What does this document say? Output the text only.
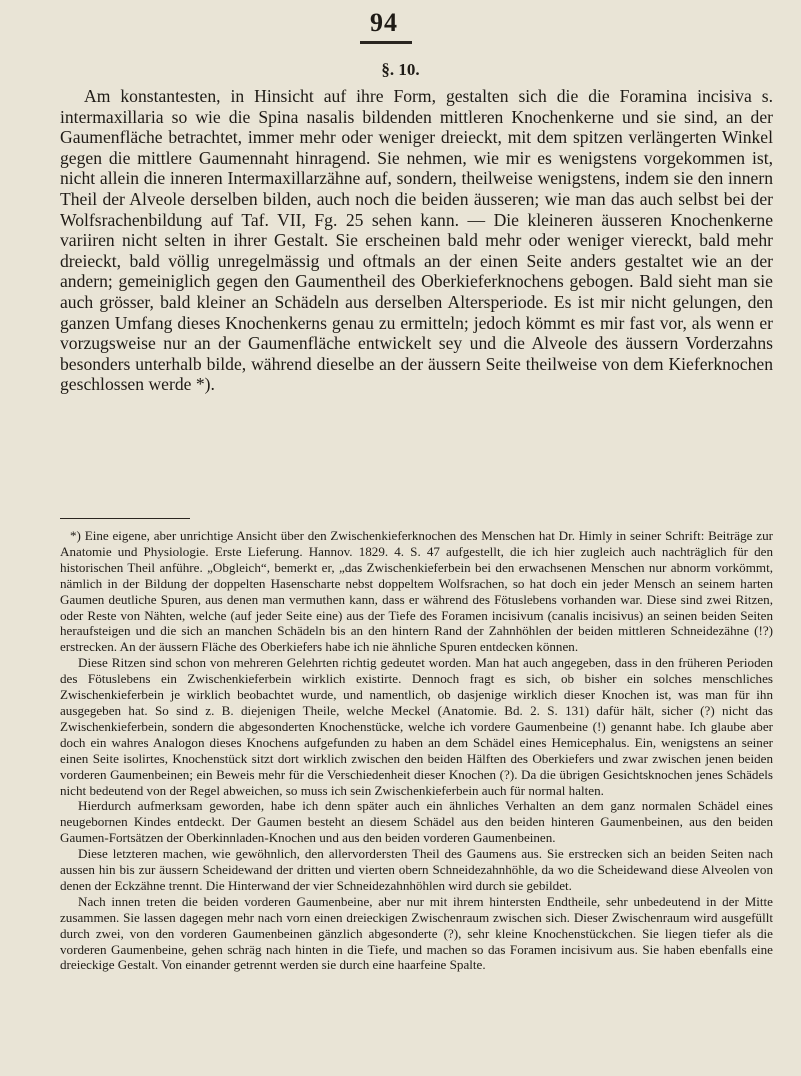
94
§. 10.

Am konstantesten, in Hinsicht auf ihre Form, gestalten sich die die Foramina incisiva s. intermaxillaria so wie die Spina nasalis bildenden mittleren Knochenkerne und sie sind, an der Gaumenfläche betrachtet, immer mehr oder weniger dreieckt, mit dem spitzen verlängerten Winkel gegen die mittlere Gaumennaht hinragend. Sie nehmen, wie mir es wenigstens vorgekommen ist, nicht allein die inneren Intermaxillarzähne auf, sondern, theilweise wenigstens, indem sie den innern Theil der Alveole derselben bilden, auch noch die beiden äusseren; wie man das auch selbst bei der Wolfsrachenbildung auf Taf. VII, Fg. 25 sehen kann. — Die kleineren äusseren Knochenkerne variiren nicht selten in ihrer Gestalt. Sie erscheinen bald mehr oder weniger viereckt, bald mehr dreieckt, bald völlig unregelmässig und oftmals an der einen Seite anders gestaltet wie an der andern; gemeiniglich gegen den Gaumentheil des Oberkieferknochens gebogen. Bald sieht man sie auch grösser, bald kleiner an Schädeln aus derselben Altersperiode. Es ist mir nicht gelungen, den ganzen Umfang dieses Knochenkerns genau zu ermitteln; jedoch kömmt es mir fast vor, als wenn er vorzugsweise nur an der Gaumenfläche entwickelt sey und die Alveole des äussern Vorderzahns besonders unterhalb bilde, während dieselbe an der äussern Seite theilweise von dem Kieferknochen geschlossen werde *).

*) Eine eigene, aber unrichtige Ansicht über den Zwischenkieferknochen des Menschen hat Dr. Himly in seiner Schrift: Beiträge zur Anatomie und Physiologie. Erste Lieferung. Hannov. 1829. 4. S. 47 aufgestellt, die ich hier zugleich auch nachträglich für den historischen Theil anführe. „Obgleich“, bemerkt er, „das Zwischenkieferbein bei den erwachsenen Menschen nur abnorm vorkömmt, nämlich in der Bildung der doppelten Hasenscharte nebst doppeltem Wolfsrachen, so hat doch ein jeder Mensch an seinem harten Gaumen deutliche Spuren, aus denen man vermuthen kann, dass er während des Fötuslebens vorhanden war. Diese sind zwei Ritzen, oder Reste von Nähten, welche (auf jeder Seite eine) aus der Tiefe des Foramen incisivum (canalis incisivus) an seinen beiden Seiten heraufsteigen und die sich an manchen Schädeln bis an den hintern Rand der Zahnhöhlen der beiden mittleren Schneidezähne (!?) erstrecken. An der äussern Fläche des Oberkiefers habe ich nie ähnliche Spuren entdecken können.

Diese Ritzen sind schon von mehreren Gelehrten richtig gedeutet worden. Man hat auch angegeben, dass in den früheren Perioden des Fötuslebens ein Zwischenkieferbein wirklich existirte. Dennoch fragt es sich, ob bisher ein solches menschliches Zwischenkieferbein je wirklich beobachtet wurde, und namentlich, ob dasjenige wirklich dieser Knochen ist, was man für ihn ausgegeben hat. So sind z. B. diejenigen Theile, welche Meckel (Anatomie. Bd. 2. S. 131) dafür hält, sicher (?) nicht das Zwischenkieferbein, sondern die abgesonderten Knochenstücke, welche ich vordere Gaumenbeine (!) genannt habe. Ich glaube aber doch ein wahres Analogon dieses Knochens aufgefunden zu haben an dem Schädel eines Hemicephalus. Ein, wenigstens an seiner einen Seite isolirtes, Knochenstück sitzt dort wirklich zwischen den beiden Hälften des Oberkiefers und zwar zwischen jenen beiden vorderen Gaumenbeinen; ein Beweis mehr für die Verschiedenheit dieser Knochen (?). Da die übrigen Gesichtsknochen jenes Schädels nicht bedeutend von der Regel abweichen, so muss ich sein Zwischenkieferbein auch für normal halten.

Hierdurch aufmerksam geworden, habe ich denn später auch ein ähnliches Verhalten an dem ganz normalen Schädel eines neugebornen Kindes entdeckt. Der Gaumen besteht an diesem Schädel aus den beiden hinteren Gaumenbeinen, aus den beiden Gaumen-Fortsätzen der Oberkinnladen-Knochen und aus den beiden vorderen Gaumenbeinen.

Diese letzteren machen, wie gewöhnlich, den allervordersten Theil des Gaumens aus. Sie erstrecken sich an beiden Seiten nach aussen hin bis zur äussern Scheidewand der dritten und vierten obern Schneidezahnhöhle, da wo die Scheidewand diese Alveolen von denen der Eckzähne trennt. Die Hinterwand der vier Schneidezahnhöhlen wird durch sie gebildet.

Nach innen treten die beiden vorderen Gaumenbeine, aber nur mit ihrem hintersten Endtheile, sehr unbedeutend in der Mitte zusammen. Sie lassen dagegen mehr nach vorn einen dreieckigen Zwischenraum zwischen sich. Dieser Zwischenraum wird ausgefüllt durch zwei, von den vorderen Gaumenbeinen gänzlich abgesonderte (?), sehr kleine Knochenstückchen. Sie liegen tiefer als die vorderen Gaumenbeine, gehen schräg nach hinten in die Tiefe, und machen so das Foramen incisivum aus. Sie haben ebenfalls eine dreieckige Gestalt. Von einander getrennt werden sie durch eine haarfeine Spalte.
